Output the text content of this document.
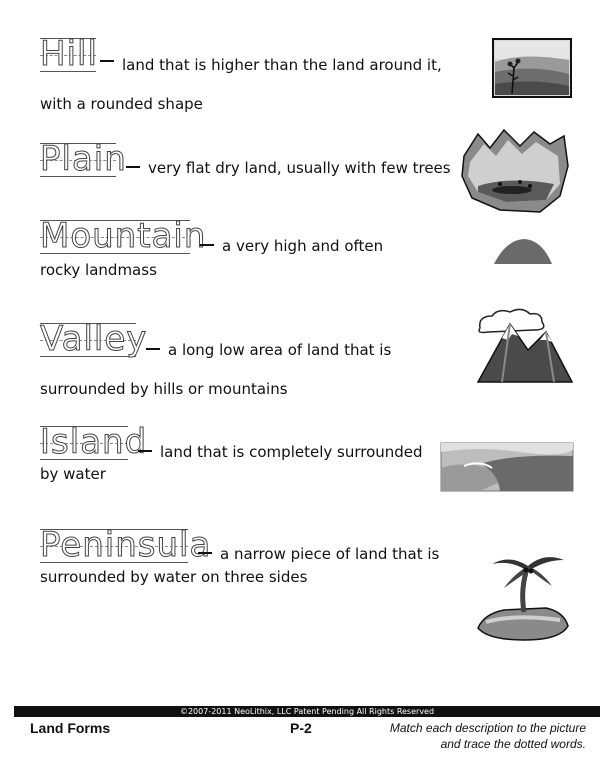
Hill land that is higher than the land around it,
with a rounded shape
Plain very flat dry land, usually with few trees
Mountain a very high and often
rocky landmass
Valley a long low area of land that is
surrounded by hills or mountains
Island land that is completely surrounded
by water
Peninsula a narrow piece of land that is
surrounded by water on three sides
©2007-2011 NeoLithix, LLC Patent Pending All Rights Reserved
Land Forms	P-2	Match each description to the picture
and trace the dotted words.
